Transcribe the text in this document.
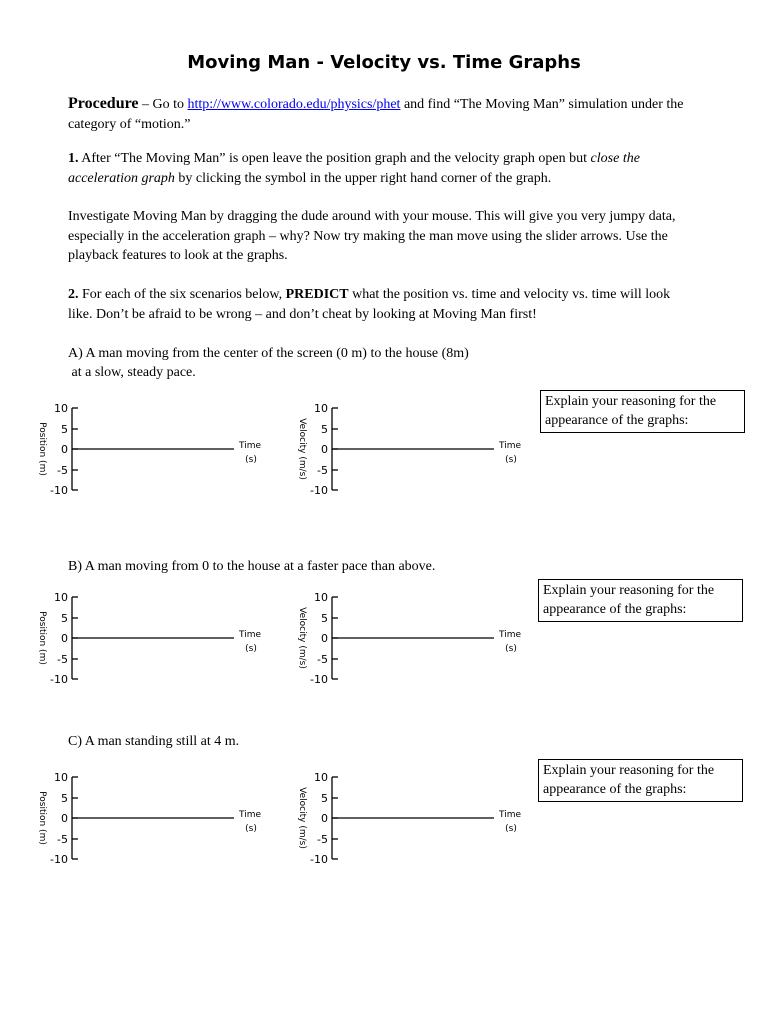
Moving Man - Velocity vs. Time Graphs
Procedure – Go to http://www.colorado.edu/physics/phet and find “The Moving Man” simulation under the category of “motion.”
1. After “The Moving Man” is open leave the position graph and the velocity graph open but close the acceleration graph by clicking the symbol in the upper right hand corner of the graph.
Investigate Moving Man by dragging the dude around with your mouse. This will give you very jumpy data, especially in the acceleration graph – why? Now try making the man move using the slider arrows. Use the playback features to look at the graphs.
2. For each of the six scenarios below, PREDICT what the position vs. time and velocity vs. time will look like. Don’t be afraid to be wrong – and don’t cheat by looking at Moving Man first!
A) A man moving from the center of the screen (0 m) to the house (8m)
at a slow, steady pace.
B) A man moving from 0 to the house at a faster pace than above.
C) A man standing still at 4 m.
Explain your reasoning for the
appearance of the graphs:
Explain your reasoning for the
appearance of the graphs:
Explain your reasoning for the
appearance of the graphs:
10
5
0
-5
-10
Position (m)	Time
(s)
10
5
0
-5
-10
Velocity (m/s)	Time
(s)
10
5
0
-5
-10
Position (m)	Time
(s)
10
5
0
-5
-10
Velocity (m/s)	Time
(s)
10
5
0
-5
-10
Position (m)	Time
(s)
10
5
0
-5
-10
Velocity (m/s)	Time
(s)
